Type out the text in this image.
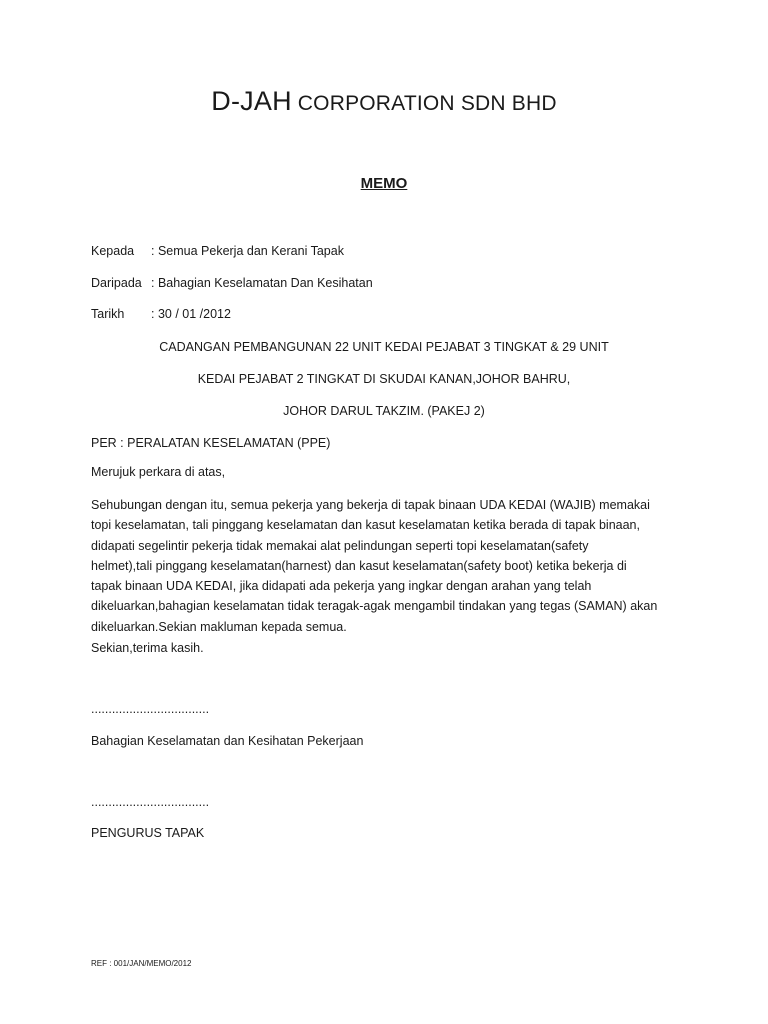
D-JAH CORPORATION SDN BHD
MEMO
Kepada : Semua Pekerja dan Kerani Tapak
Daripada : Bahagian Keselamatan Dan Kesihatan
Tarikh : 30 / 01 /2012
CADANGAN PEMBANGUNAN 22 UNIT KEDAI PEJABAT 3 TINGKAT & 29 UNIT
KEDAI PEJABAT 2 TINGKAT DI SKUDAI KANAN,JOHOR BAHRU,
JOHOR DARUL TAKZIM. (PAKEJ 2)
PER : PERALATAN KESELAMATAN (PPE)
Merujuk perkara di atas,
Sehubungan dengan itu, semua pekerja yang bekerja di tapak binaan UDA KEDAI (WAJIB) memakai
topi keselamatan, tali pinggang keselamatan dan kasut keselamatan ketika berada di tapak binaan,
didapati segelintir pekerja tidak memakai alat pelindungan seperti topi keselamatan(safety
helmet),tali pinggang keselamatan(harnest) dan kasut keselamatan(safety boot) ketika bekerja di
tapak binaan UDA KEDAI, jika didapati ada pekerja yang ingkar dengan arahan yang telah
dikeluarkan,bahagian keselamatan tidak teragak-agak mengambil tindakan yang tegas (SAMAN) akan
dikeluarkan.Sekian makluman kepada semua.
Sekian,terima kasih.
..................................
Bahagian Keselamatan dan Kesihatan Pekerjaan
..................................
PENGURUS TAPAK
REF : 001/JAN/MEMO/2012
